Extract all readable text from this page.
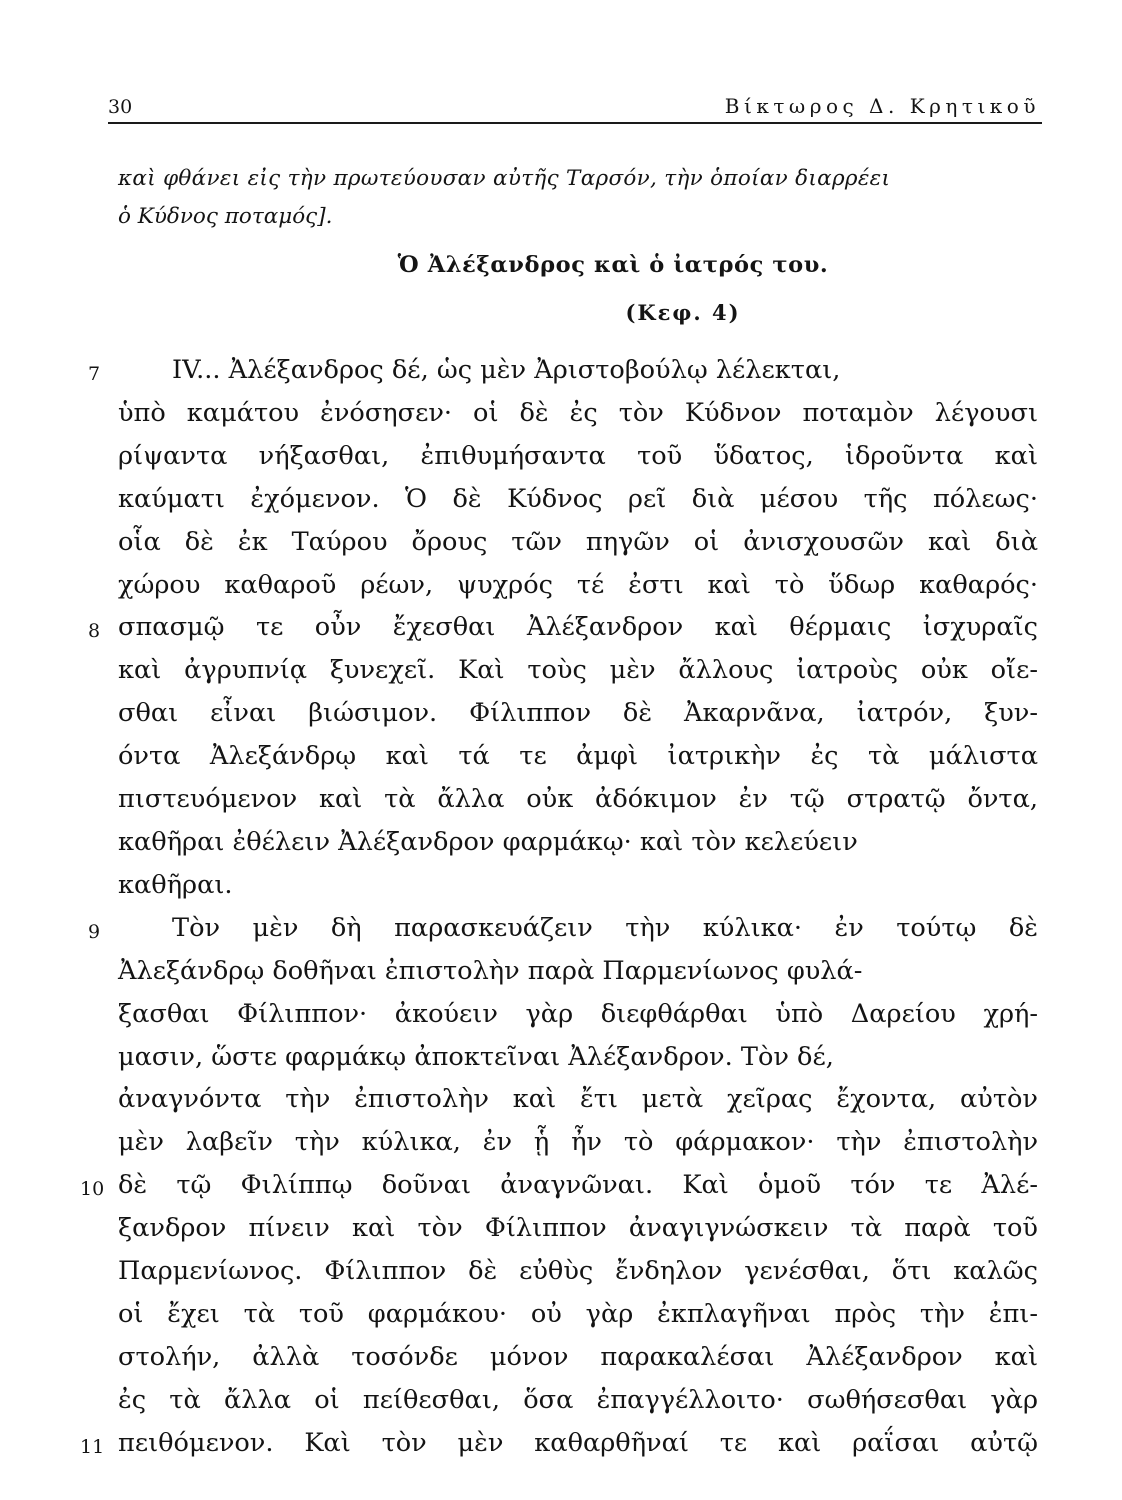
30	Βίκτωρος Δ. Κρητικοῦ
καὶ φθάνει εἰς τὴν πρωτεύουσαν αὐτῆς Ταρσόν, τὴν ὁποίαν διαρρέει
ὁ Κύδνος ποταμός].
Ὁ Ἀλέξανδρος καὶ ὁ ἰατρός του.
(Κεφ. 4)
7	IV... Ἀλέξανδρος δέ, ὡς μὲν Ἀριστοβούλῳ λέλεκται,
ὑπὸ καμάτου ἐνόσησεν· οἱ δὲ ἐς τὸν Κύδνον ποταμὸν λέγουσι
ρίψαντα νήξασθαι, ἐπιθυμήσαντα τοῦ ὕδατος, ἱδροῦντα καὶ
καύματι ἐχόμενον. Ὁ δὲ Κύδνος ρεῖ διὰ μέσου τῆς πόλεως·
οἷα δὲ ἐκ Ταύρου ὄρους τῶν πηγῶν οἱ ἀνισχουσῶν καὶ διὰ
χώρου καθαροῦ ρέων, ψυχρός τέ ἐστι καὶ τὸ ὕδωρ καθαρός·
8 σπασμῷ τε οὖν ἔχεσθαι Ἀλέξανδρον καὶ θέρμαις ἰσχυραῖς
καὶ ἀγρυπνίᾳ ξυνεχεῖ. Καὶ τοὺς μὲν ἄλλους ἰατροὺς οὐκ οἴε-
σθαι εἶναι βιώσιμον. Φίλιππον δὲ Ἀκαρνᾶνα, ἰατρόν, ξυν-
όντα Ἀλεξάνδρῳ καὶ τά τε ἀμφὶ ἰατρικὴν ἐς τὰ μάλιστα
πιστευόμενον καὶ τὰ ἄλλα οὐκ ἀδόκιμον ἐν τῷ στρατῷ ὄντα,
καθῆραι ἐθέλειν Ἀλέξανδρον φαρμάκῳ· καὶ τὸν κελεύειν
καθῆραι.
9	Τὸν μὲν δὴ παρασκευάζειν τὴν κύλικα· ἐν τούτῳ δὲ
Ἀλεξάνδρῳ δοθῆναι ἐπιστολὴν παρὰ Παρμενίωνος φυλά-
ξασθαι Φίλιππον· ἀκούειν γὰρ διεφθάρθαι ὑπὸ Δαρείου χρή-
μασιν, ὥστε φαρμάκῳ ἀποκτεῖναι Ἀλέξανδρον. Τὸν δέ,
ἀναγνόντα τὴν ἐπιστολὴν καὶ ἔτι μετὰ χεῖρας ἔχοντα, αὐτὸν
μὲν λαβεῖν τὴν κύλικα, ἐν ᾗ ἦν τὸ φάρμακον· τὴν ἐπιστολὴν
10 δὲ τῷ Φιλίππῳ δοῦναι ἀναγνῶναι. Καὶ ὁμοῦ τόν τε Ἀλέ-
ξανδρον πίνειν καὶ τὸν Φίλιππον ἀναγιγνώσκειν τὰ παρὰ τοῦ
Παρμενίωνος. Φίλιππον δὲ εὐθὺς ἔνδηλον γενέσθαι, ὅτι καλῶς
οἱ ἔχει τὰ τοῦ φαρμάκου· οὐ γὰρ ἐκπλαγῆναι πρὸς τὴν ἐπι-
στολήν, ἀλλὰ τοσόνδε μόνον παρακαλέσαι Ἀλέξανδρον καὶ
ἐς τὰ ἄλλα οἱ πείθεσθαι, ὅσα ἐπαγγέλλοιτο· σωθήσεσθαι γὰρ
11 πειθόμενον. Καὶ τὸν μὲν καθαρθῆναί τε καὶ ραΐσαι αὐτῷ
